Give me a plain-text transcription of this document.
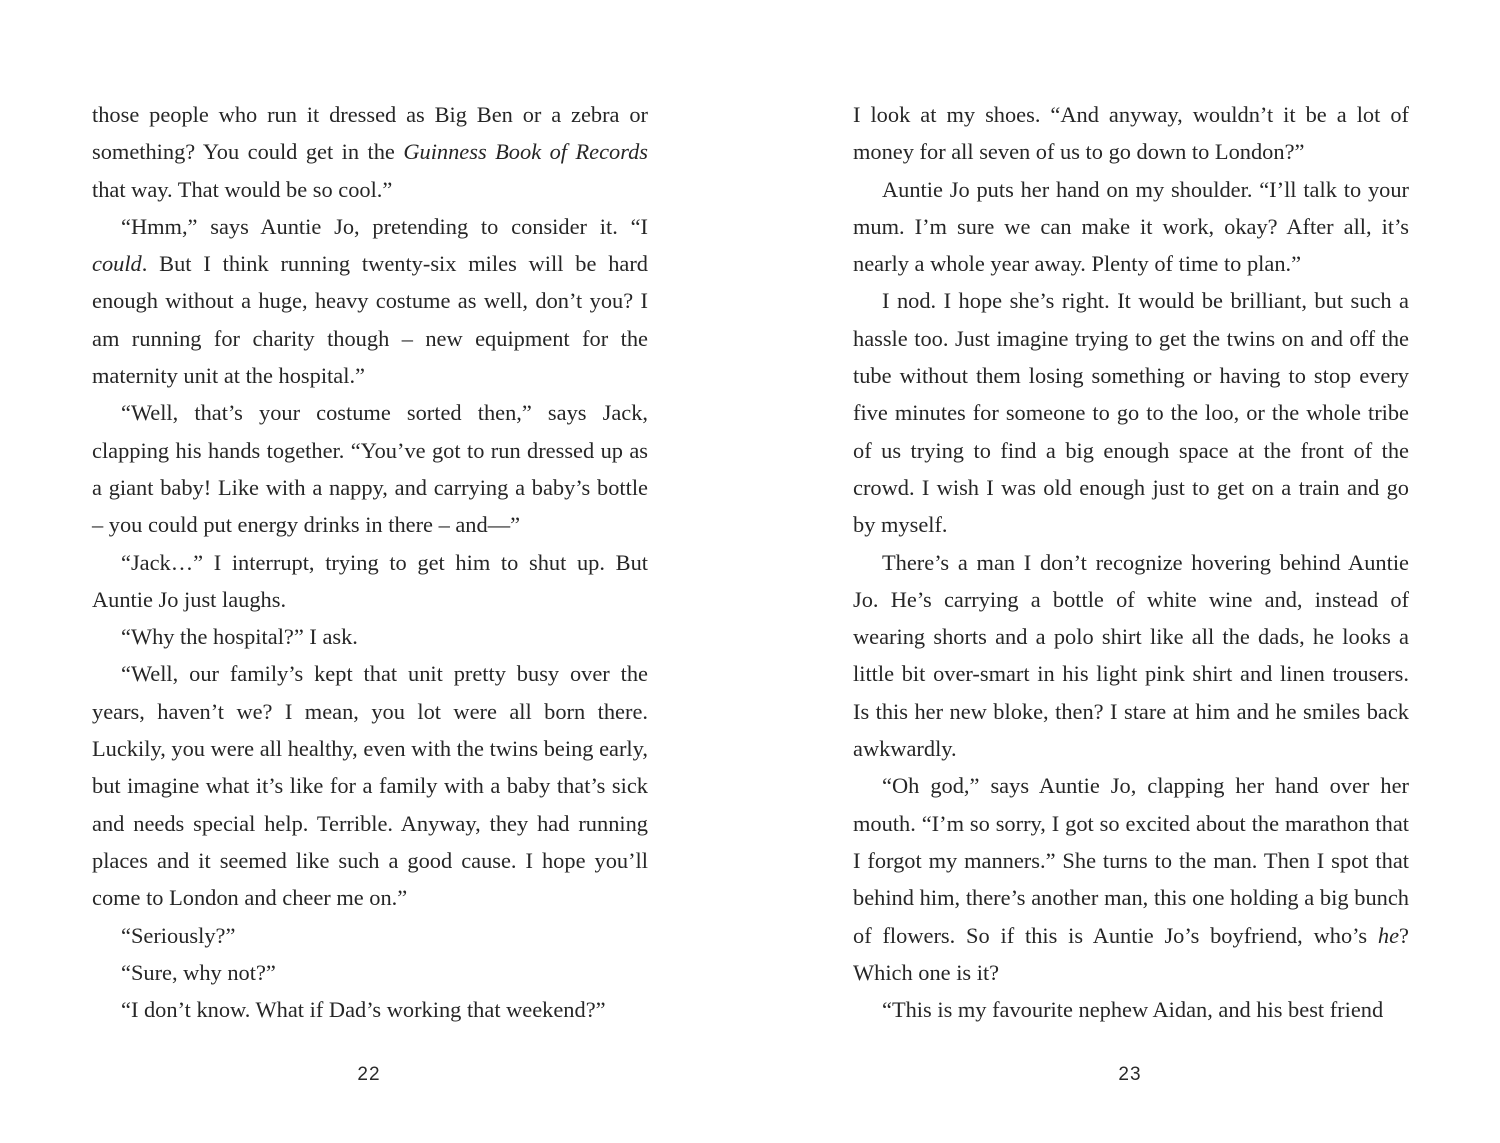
those people who run it dressed as Big Ben or a zebra or something? You could get in the Guinness Book of Records that way. That would be so cool.”

“Hmm,” says Auntie Jo, pretending to consider it. “I could. But I think running twenty-six miles will be hard enough without a huge, heavy costume as well, don’t you? I am running for charity though – new equipment for the maternity unit at the hospital.”

“Well, that’s your costume sorted then,” says Jack, clapping his hands together. “You’ve got to run dressed up as a giant baby! Like with a nappy, and carrying a baby’s bottle – you could put energy drinks in there – and—”

“Jack…” I interrupt, trying to get him to shut up. But Auntie Jo just laughs.

“Why the hospital?” I ask.

“Well, our family’s kept that unit pretty busy over the years, haven’t we? I mean, you lot were all born there. Luckily, you were all healthy, even with the twins being early, but imagine what it’s like for a family with a baby that’s sick and needs special help. Terrible. Anyway, they had running places and it seemed like such a good cause. I hope you’ll come to London and cheer me on.”

“Seriously?”

“Sure, why not?”

“I don’t know. What if Dad’s working that weekend?”

I look at my shoes. “And anyway, wouldn’t it be a lot of money for all seven of us to go down to London?”

Auntie Jo puts her hand on my shoulder. “I’ll talk to your mum. I’m sure we can make it work, okay? After all, it’s nearly a whole year away. Plenty of time to plan.”

I nod. I hope she’s right. It would be brilliant, but such a hassle too. Just imagine trying to get the twins on and off the tube without them losing something or having to stop every five minutes for someone to go to the loo, or the whole tribe of us trying to find a big enough space at the front of the crowd. I wish I was old enough just to get on a train and go by myself.

There’s a man I don’t recognize hovering behind Auntie Jo. He’s carrying a bottle of white wine and, instead of wearing shorts and a polo shirt like all the dads, he looks a little bit over-smart in his light pink shirt and linen trousers. Is this her new bloke, then? I stare at him and he smiles back awkwardly.

“Oh god,” says Auntie Jo, clapping her hand over her mouth. “I’m so sorry, I got so excited about the marathon that I forgot my manners.” She turns to the man. Then I spot that behind him, there’s another man, this one holding a big bunch of flowers. So if this is Auntie Jo’s boyfriend, who’s he? Which one is it?

“This is my favourite nephew Aidan, and his best friend

22	23
